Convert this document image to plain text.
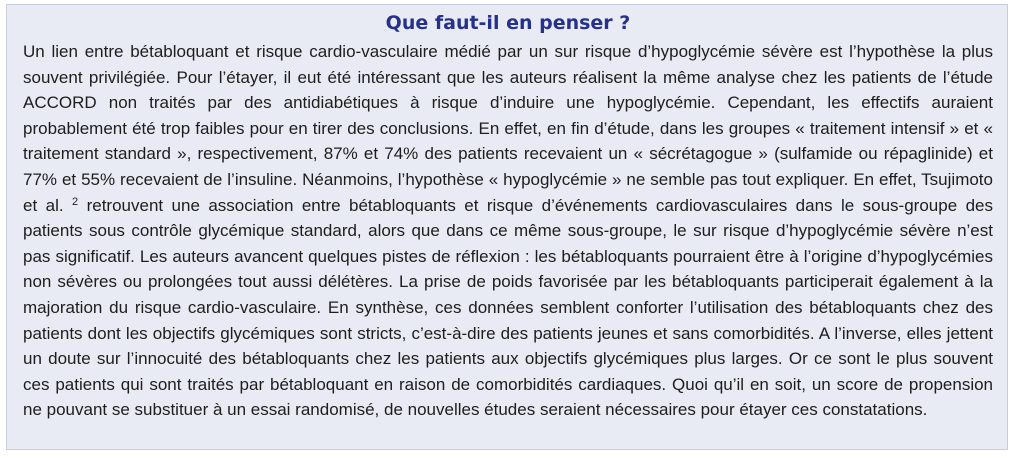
Que faut-il en penser ?

Un lien entre bétabloquant et risque cardio-vasculaire médié par un sur risque d’hypoglycémie sévère est l’hypothèse la plus souvent privilégiée. Pour l’étayer, il eut été intéressant que les auteurs réalisent la même analyse chez les patients de l’étude ACCORD non traités par des antidiabétiques à risque d’induire une hypoglycémie. Cependant, les effectifs auraient probablement été trop faibles pour en tirer des conclusions. En effet, en fin d’étude, dans les groupes « traitement intensif » et « traitement standard », respectivement, 87% et 74% des patients recevaient un « sécrétagogue » (sulfamide ou répaglinide) et 77% et 55% recevaient de l’insuline. Néanmoins, l’hypothèse « hypoglycémie » ne semble pas tout expliquer. En effet, Tsujimoto et al. $^2$ retrouvent une association entre bétabloquants et risque d’événements cardiovasculaires dans le sous-groupe des patients sous contrôle glycémique standard, alors que dans ce même sous-groupe, le sur risque d’hypoglycémie sévère n’est pas significatif. Les auteurs avancent quelques pistes de réflexion : les bétabloquants pourraient être à l’origine d’hypoglycémies non sévères ou prolongées tout aussi délétères. La prise de poids favorisée par les bétabloquants participerait également à la majoration du risque cardio-vasculaire. En synthèse, ces données semblent conforter l’utilisation des bétabloquants chez des patients dont les objectifs glycémiques sont stricts, c’est-à-dire des patients jeunes et sans comorbidités. A l’inverse, elles jettent un doute sur l’innocuité des bétabloquants chez les patients aux objectifs glycémiques plus larges. Or ce sont le plus souvent ces patients qui sont traités par bétabloquant en raison de comorbidités cardiaques. Quoi qu’il en soit, un score de propension ne pouvant se substituer à un essai randomisé, de nouvelles études seraient nécessaires pour étayer ces constatations.
